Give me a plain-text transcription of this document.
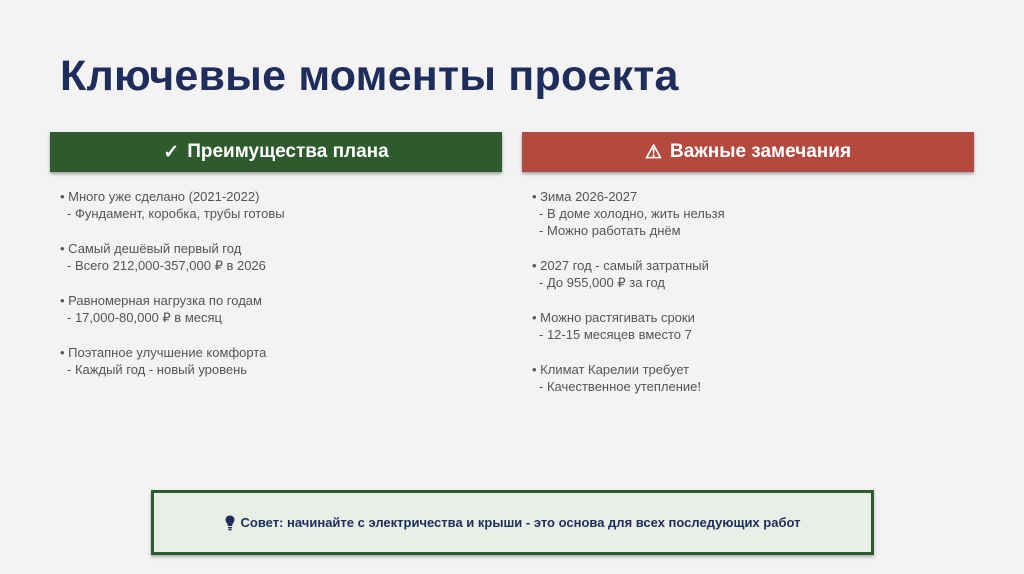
Ключевые моменты проекта
✓ Преимущества плана	⚠ Важные замечания
• Много уже сделано (2021-2022)
- Фундамент, коробка, трубы готовы
• Самый дешёвый первый год
- Всего 212,000-357,000 ₽ в 2026
• Равномерная нагрузка по годам
- 17,000-80,000 ₽ в месяц
• Поэтапное улучшение комфорта
- Каждый год - новый уровень
• Зима 2026-2027
- В доме холодно, жить нельзя
- Можно работать днём
• 2027 год - самый затратный
- До 955,000 ₽ за год
• Можно растягивать сроки
- 12-15 месяцев вместо 7
• Климат Карелии требует
- Качественное утепление!
Совет: начинайте с электричества и крыши - это основа для всех последующих работ
